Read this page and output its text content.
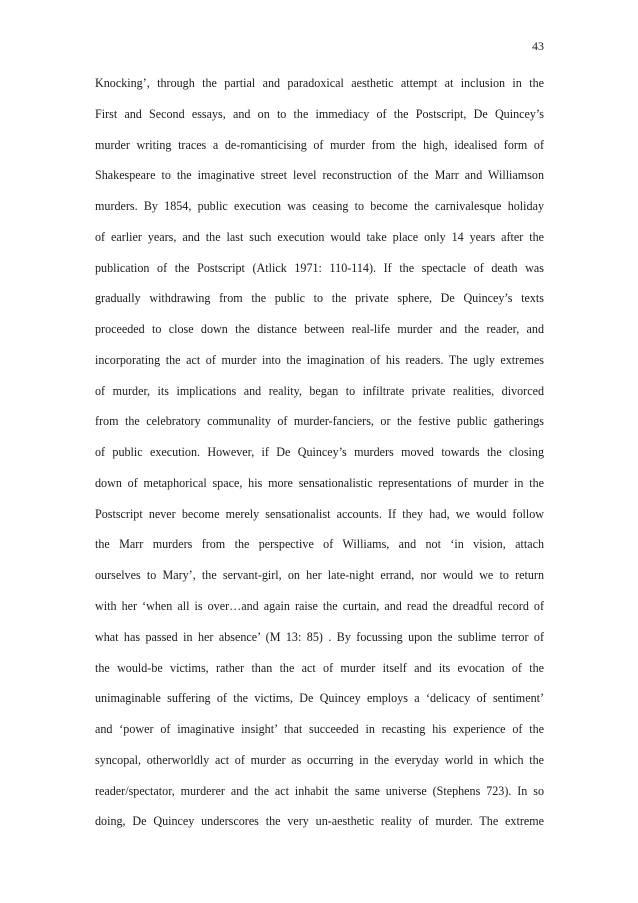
43
Knocking’, through the partial and paradoxical aesthetic attempt at inclusion in the
First and Second essays, and on to the immediacy of the Postscript, De Quincey’s
murder writing traces a de-romanticising of murder from the high, idealised form of
Shakespeare to the imaginative street level reconstruction of the Marr and Williamson
murders. By 1854, public execution was ceasing to become the carnivalesque holiday
of earlier years, and the last such execution would take place only 14 years after the
publication of the Postscript (Atlick 1971: 110-114). If the spectacle of death was
gradually withdrawing from the public to the private sphere, De Quincey’s texts
proceeded to close down the distance between real-life murder and the reader, and
incorporating the act of murder into the imagination of his readers. The ugly extremes
of murder, its implications and reality, began to infiltrate private realities, divorced
from the celebratory communality of murder-fanciers, or the festive public gatherings
of public execution. However, if De Quincey’s murders moved towards the closing
down of metaphorical space, his more sensationalistic representations of murder in the
Postscript never become merely sensationalist accounts. If they had, we would follow
the Marr murders from the perspective of Williams, and not ‘in vision, attach
ourselves to Mary’, the servant-girl, on her late-night errand, nor would we to return
with her ‘when all is over…and again raise the curtain, and read the dreadful record of
what has passed in her absence’ (M 13: 85) . By focussing upon the sublime terror of
the would-be victims, rather than the act of murder itself and its evocation of the
unimaginable suffering of the victims, De Quincey employs a ‘delicacy of sentiment’
and ‘power of imaginative insight’ that succeeded in recasting his experience of the
syncopal, otherworldly act of murder as occurring in the everyday world in which the
reader/spectator, murderer and the act inhabit the same universe (Stephens 723). In so
doing, De Quincey underscores the very un-aesthetic reality of murder. The extreme
